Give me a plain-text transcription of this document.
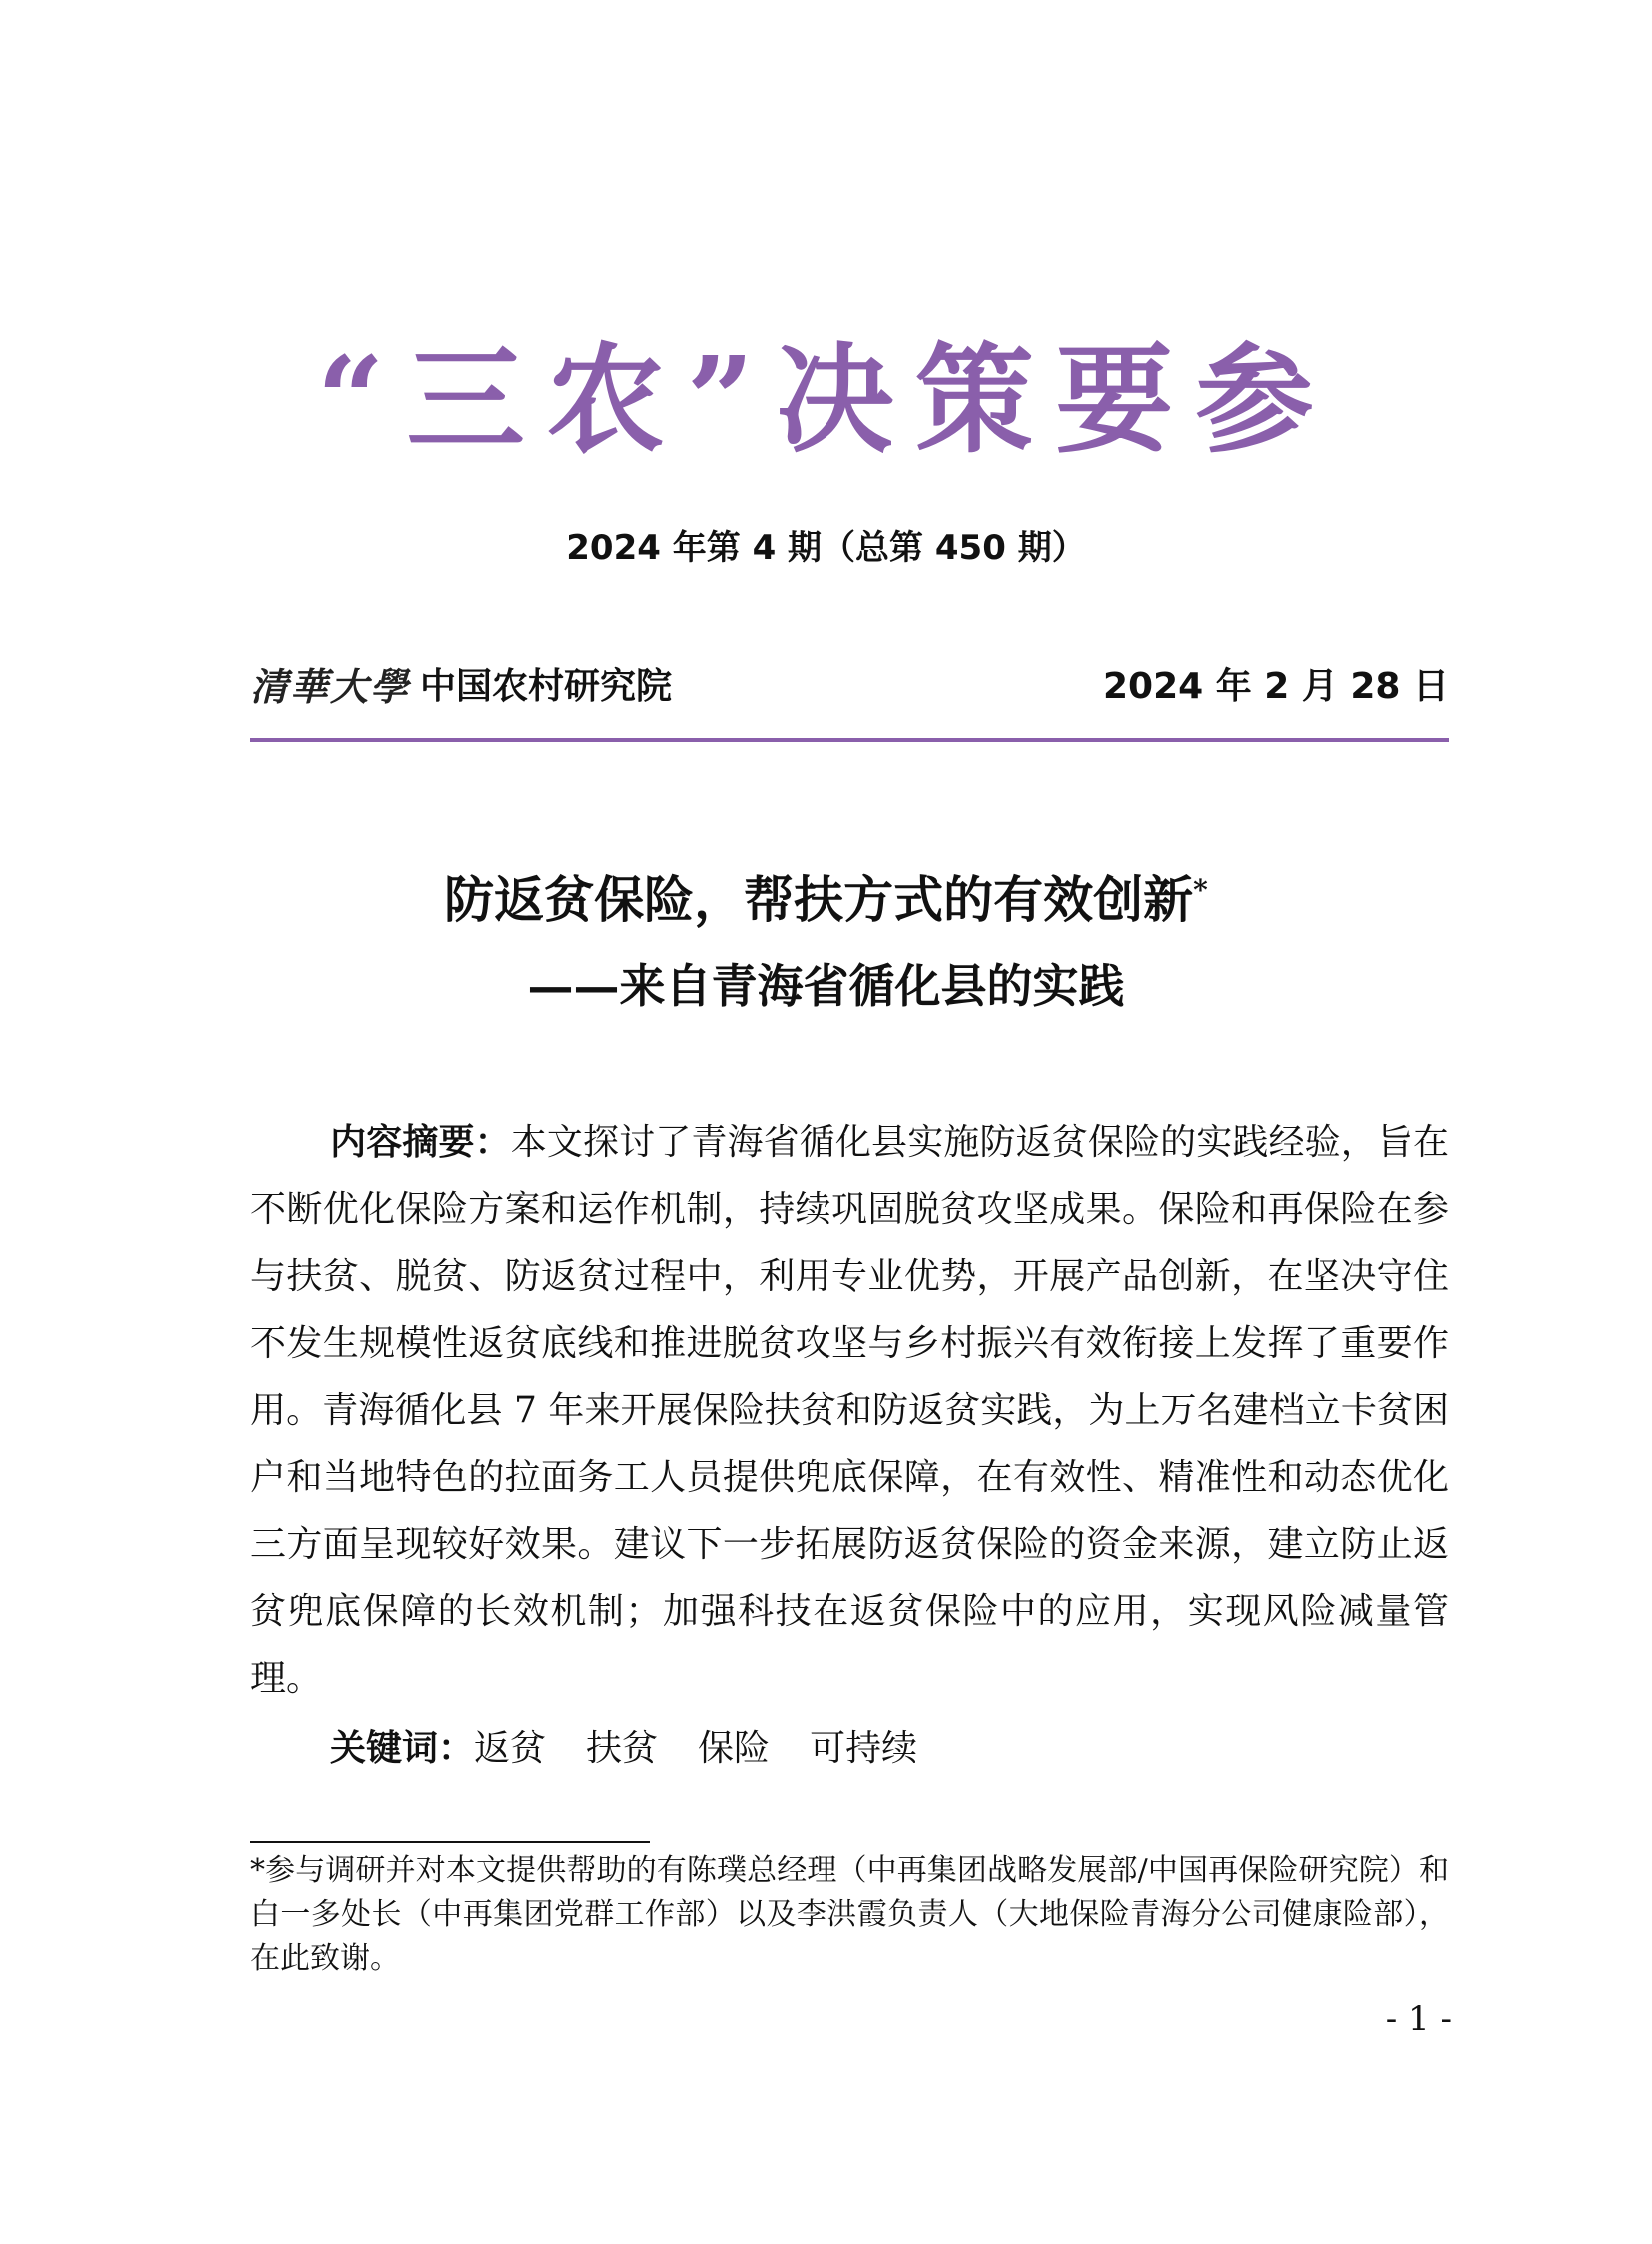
“三农”决策要参
2024 年第 4 期（总第 450 期）
清華大學 中国农村研究院	2024 年 2 月 28 日
防返贫保险，帮扶方式的有效创新*
——来自青海省循化县的实践

内容摘要：本文探讨了青海省循化县实施防返贫保险的实践经验，旨在不断优化保险方案和运作机制，持续巩固脱贫攻坚成果。保险和再保险在参与扶贫、脱贫、防返贫过程中，利用专业优势，开展产品创新，在坚决守住不发生规模性返贫底线和推进脱贫攻坚与乡村振兴有效衔接上发挥了重要作用。青海循化县 7 年来开展保险扶贫和防返贫实践，为上万名建档立卡贫困户和当地特色的拉面务工人员提供兜底保障，在有效性、精准性和动态优化三方面呈现较好效果。建议下一步拓展防返贫保险的资金来源，建立防止返贫兜底保障的长效机制；加强科技在返贫保险中的应用，实现风险减量管理。

关键词：返贫 扶贫 保险 可持续

*参与调研并对本文提供帮助的有陈璞总经理（中再集团战略发展部/中国再保险研究院）和白一多处长（中再集团党群工作部）以及李洪霞负责人（大地保险青海分公司健康险部），在此致谢。

- 1 -
